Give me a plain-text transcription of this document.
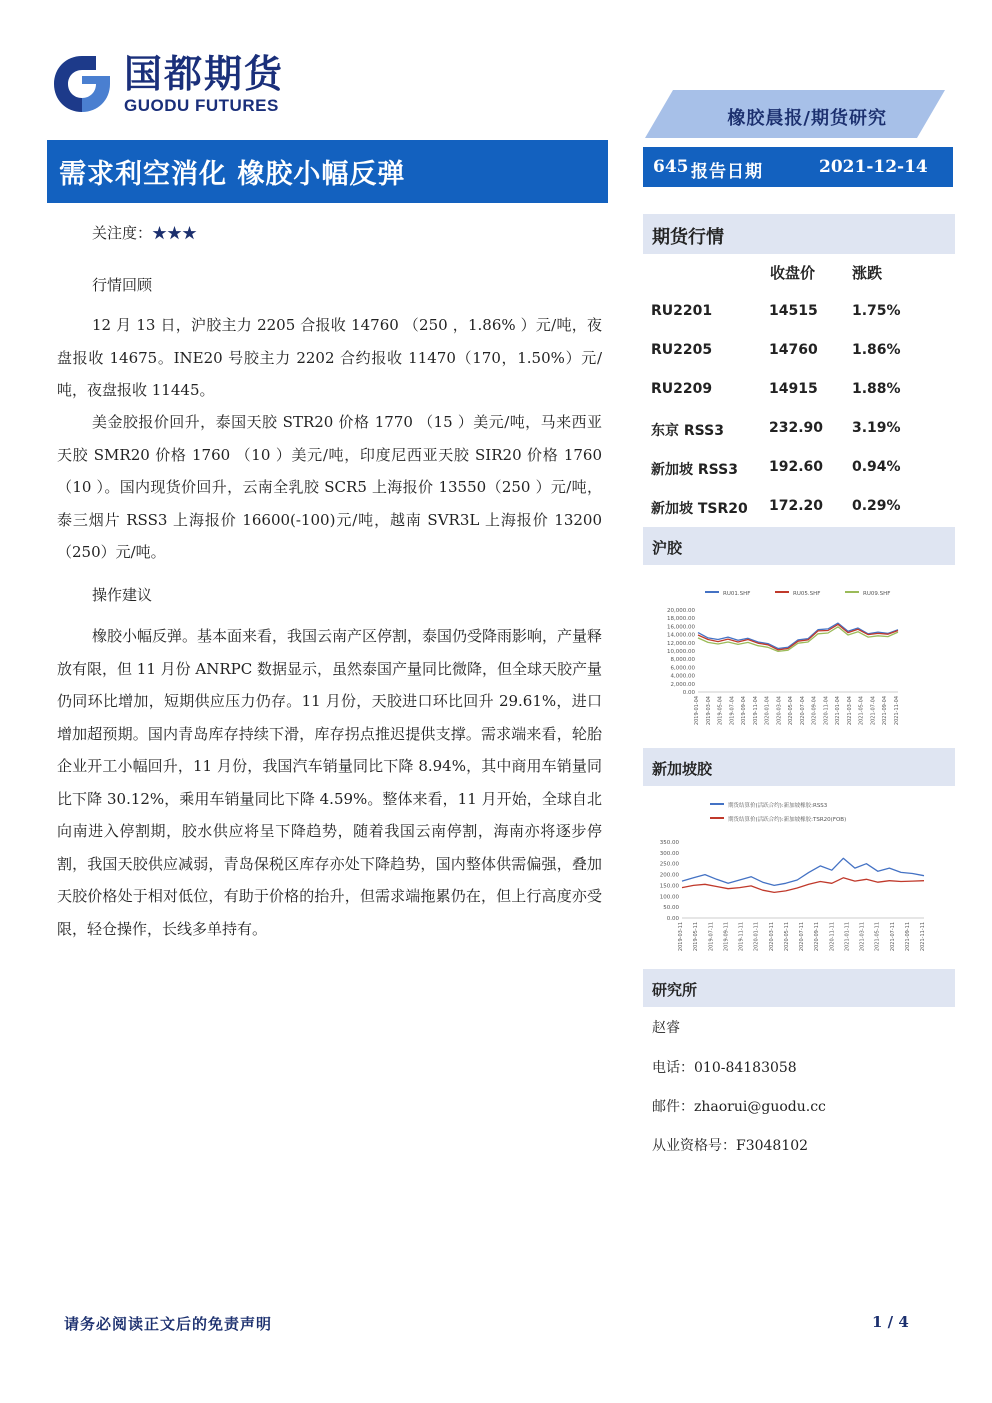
国都期货
GUODU FUTURES
橡胶晨报/期货研究
需求利空消化 橡胶小幅反弹	645 报告日期	2021-12-14
关注度：★★★
行情回顾
12 月 13 日，沪胶主力 2205 合报收 14760 （250 ，1.86% ）元/吨，夜盘报收 14675。INE20 号胶主力 2202 合约报收 11470（170，1.50%）元/吨，夜盘报收 11445。
美金胶报价回升，泰国天胶 STR20 价格 1770 （15 ）美元/吨，马来西亚天胶 SMR20 价格 1760 （10 ）美元/吨，印度尼西亚天胶 SIR20 价格 1760 （10 ）。国内现货价回升，云南全乳胶 SCR5 上海报价 13550（250 ）元/吨，泰三烟片 RSS3 上海报价 16600(-100)元/吨，越南 SVR3L 上海报价 13200（250）元/吨。
操作建议
橡胶小幅反弹。基本面来看，我国云南产区停割，泰国仍受降雨影响，产量释放有限，但 11 月份 ANRPC 数据显示，虽然泰国产量同比微降，但全球天胶产量仍同环比增加，短期供应压力仍存。11 月份，天胶进口环比回升 29.61%，进口增加超预期。国内青岛库存持续下滑，库存拐点推迟提供支撑。需求端来看，轮胎企业开工小幅回升，11 月份，我国汽车销量同比下降 8.94%，其中商用车销量同比下降 30.12%，乘用车销量同比下降 4.59%。整体来看，11 月开始，全球自北向南进入停割期，胶水供应将呈下降趋势，随着我国云南停割，海南亦将逐步停割，我国天胶供应减弱，青岛保税区库存亦处下降趋势，国内整体供需偏强，叠加天胶价格处于相对低位，有助于价格的抬升，但需求端拖累仍在，但上行高度亦受限，轻仓操作，长线多单持有。
期货行情
收盘价 涨跌
RU2201	14515 1.75%
RU2205	14760 1.86%
RU2209	14915 1.88%
东京 RSS3	232.90 3.19%
新加坡 RSS3 192.60 0.94%
新加坡 TSR20 172.20 0.29%
沪胶
RU01.SHF	RU05.SHF	RU09.SHF
20,000.00
18,000.00
16,000.00
14,000.00
12,000.00
10,000.00
8,000.00
6,000.00
4,000.00
2,000.00
0.00
2019-01-04 2019-03-04 2019-05-04 2019-07-04 2019-09-04 2019-11-04 2020-01-04 2020-03-04 2020-05-04 2020-07-04 2020-09-04 2020-11-04 2021-01-04 2021-03-04 2021-05-04 2021-07-04 2021-09-04 2021-11-04
新加坡胶
期货结算价(活跃合约):新加坡橡胶:RSS3
期货结算价(活跃合约):新加坡橡胶:TSR20(FOB)
350.00
300.00
250.00
200.00
150.00
100.00
50.00
0.00
2019-03-11 2019-05-11 2019-07-11 2019-09-11 2019-11-11 2020-01-11 2020-03-11 2020-05-11 2020-07-11 2020-09-11 2020-11-11 2021-01-11 2021-03-11 2021-05-11 2021-07-11 2021-09-11 2021-11-11
研究所
赵睿
电话：010-84183058
邮件：zhaorui@guodu.cc
从业资格号：F3048102
请务必阅读正文后的免责声明	1 / 4
